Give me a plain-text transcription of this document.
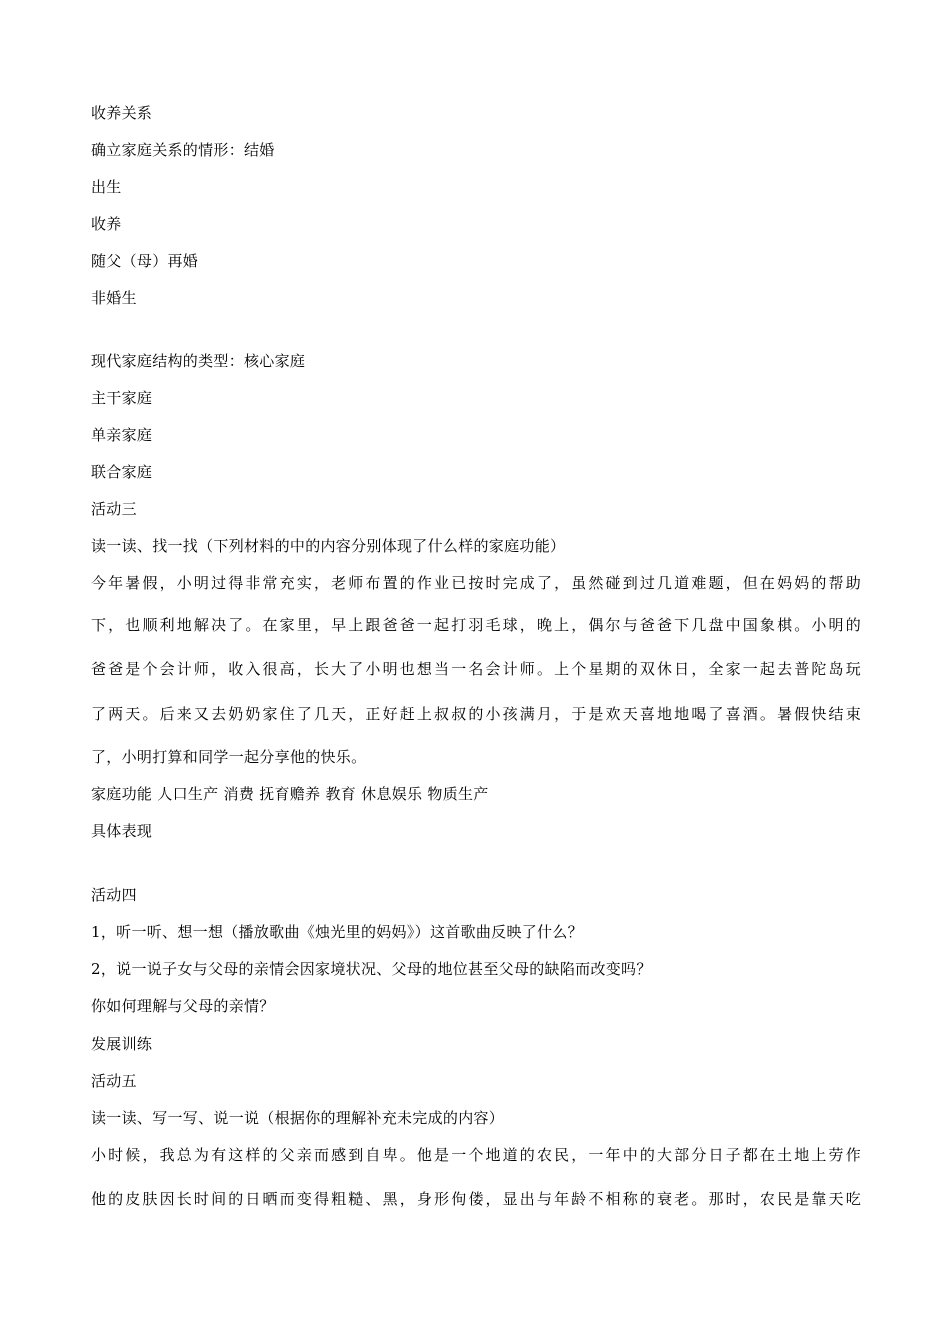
收养关系
确立家庭关系的情形：结婚
出生
收养
随父（母）再婚
非婚生
现代家庭结构的类型：核心家庭
主干家庭
单亲家庭
联合家庭
活动三
读一读、找一找（下列材料的中的内容分别体现了什么样的家庭功能）
今年暑假，小明过得非常充实，老师布置的作业已按时完成了，虽然碰到过几道难题，但在妈妈的帮助
下，也顺利地解决了。在家里，早上跟爸爸一起打羽毛球，晚上，偶尔与爸爸下几盘中国象棋。小明的
爸爸是个会计师，收入很高，长大了小明也想当一名会计师。上个星期的双休日，全家一起去普陀岛玩
了两天。后来又去奶奶家住了几天，正好赶上叔叔的小孩满月，于是欢天喜地地喝了喜酒。暑假快结束
了，小明打算和同学一起分享他的快乐。
家庭功能 人口生产 消费 抚育赡养 教育 休息娱乐 物质生产
具体表现
活动四
1，听一听、想一想（播放歌曲《烛光里的妈妈》）这首歌曲反映了什么？
2，说一说子女与父母的亲情会因家境状况、父母的地位甚至父母的缺陷而改变吗？
你如何理解与父母的亲情？
发展训练
活动五
读一读、写一写、说一说（根据你的理解补充未完成的内容）
小时候，我总为有这样的父亲而感到自卑。他是一个地道的农民，一年中的大部分日子都在土地上劳作
他的皮肤因长时间的日晒而变得粗糙、黑，身形佝偻，显出与年龄不相称的衰老。那时，农民是靠天吃
